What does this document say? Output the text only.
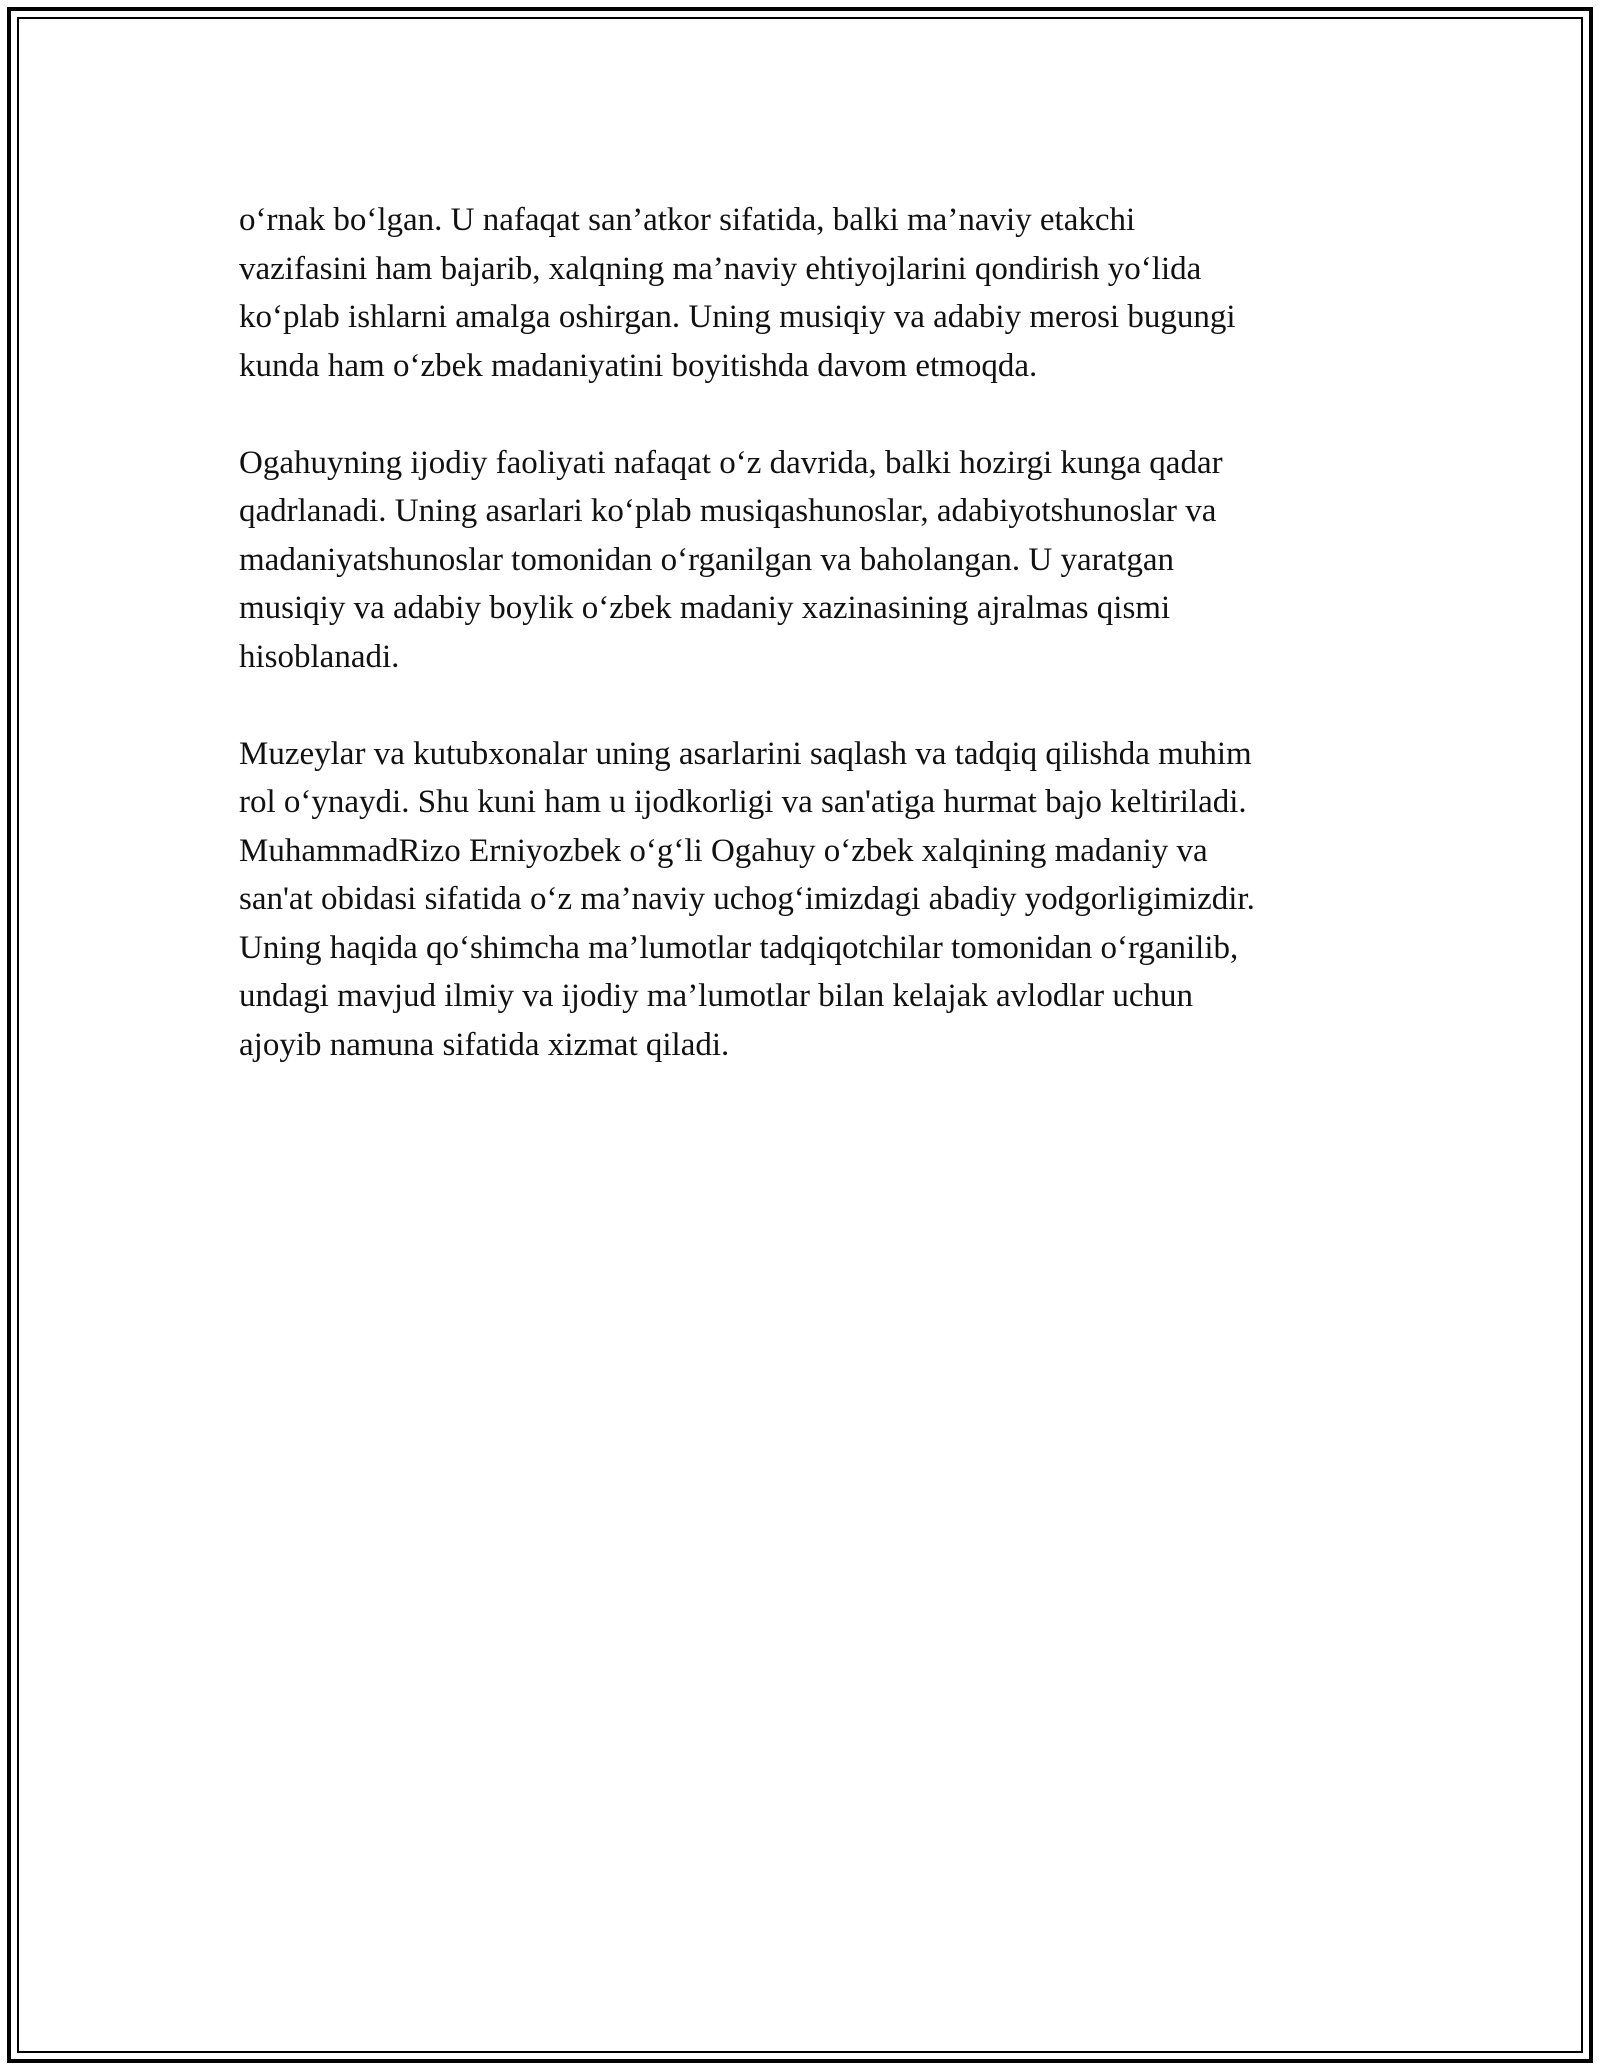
o‘rnak bo‘lgan. U nafaqat san’atkor sifatida, balki ma’naviy etakchi
vazifasini ham bajarib, xalqning ma’naviy ehtiyojlarini qondirish yo‘lida
ko‘plab ishlarni amalga oshirgan. Uning musiqiy va adabiy merosi bugungi
kunda ham o‘zbek madaniyatini boyitishda davom etmoqda.

Ogahuyning ijodiy faoliyati nafaqat o‘z davrida, balki hozirgi kunga qadar
qadrlanadi. Uning asarlari ko‘plab musiqashunoslar, adabiyotshunoslar va
madaniyatshunoslar tomonidan o‘rganilgan va baholangan. U yaratgan
musiqiy va adabiy boylik o‘zbek madaniy xazinasining ajralmas qismi
hisoblanadi.

Muzeylar va kutubxonalar uning asarlarini saqlash va tadqiq qilishda muhim
rol o‘ynaydi. Shu kuni ham u ijodkorligi va san'atiga hurmat bajo keltiriladi.
MuhammadRizo Erniyozbek o‘g‘li Ogahuy o‘zbek xalqining madaniy va
san'at obidasi sifatida o‘z ma’naviy uchog‘imizdagi abadiy yodgorligimizdir.
Uning haqida qo‘shimcha ma’lumotlar tadqiqotchilar tomonidan o‘rganilib,
undagi mavjud ilmiy va ijodiy ma’lumotlar bilan kelajak avlodlar uchun
ajoyib namuna sifatida xizmat qiladi.
